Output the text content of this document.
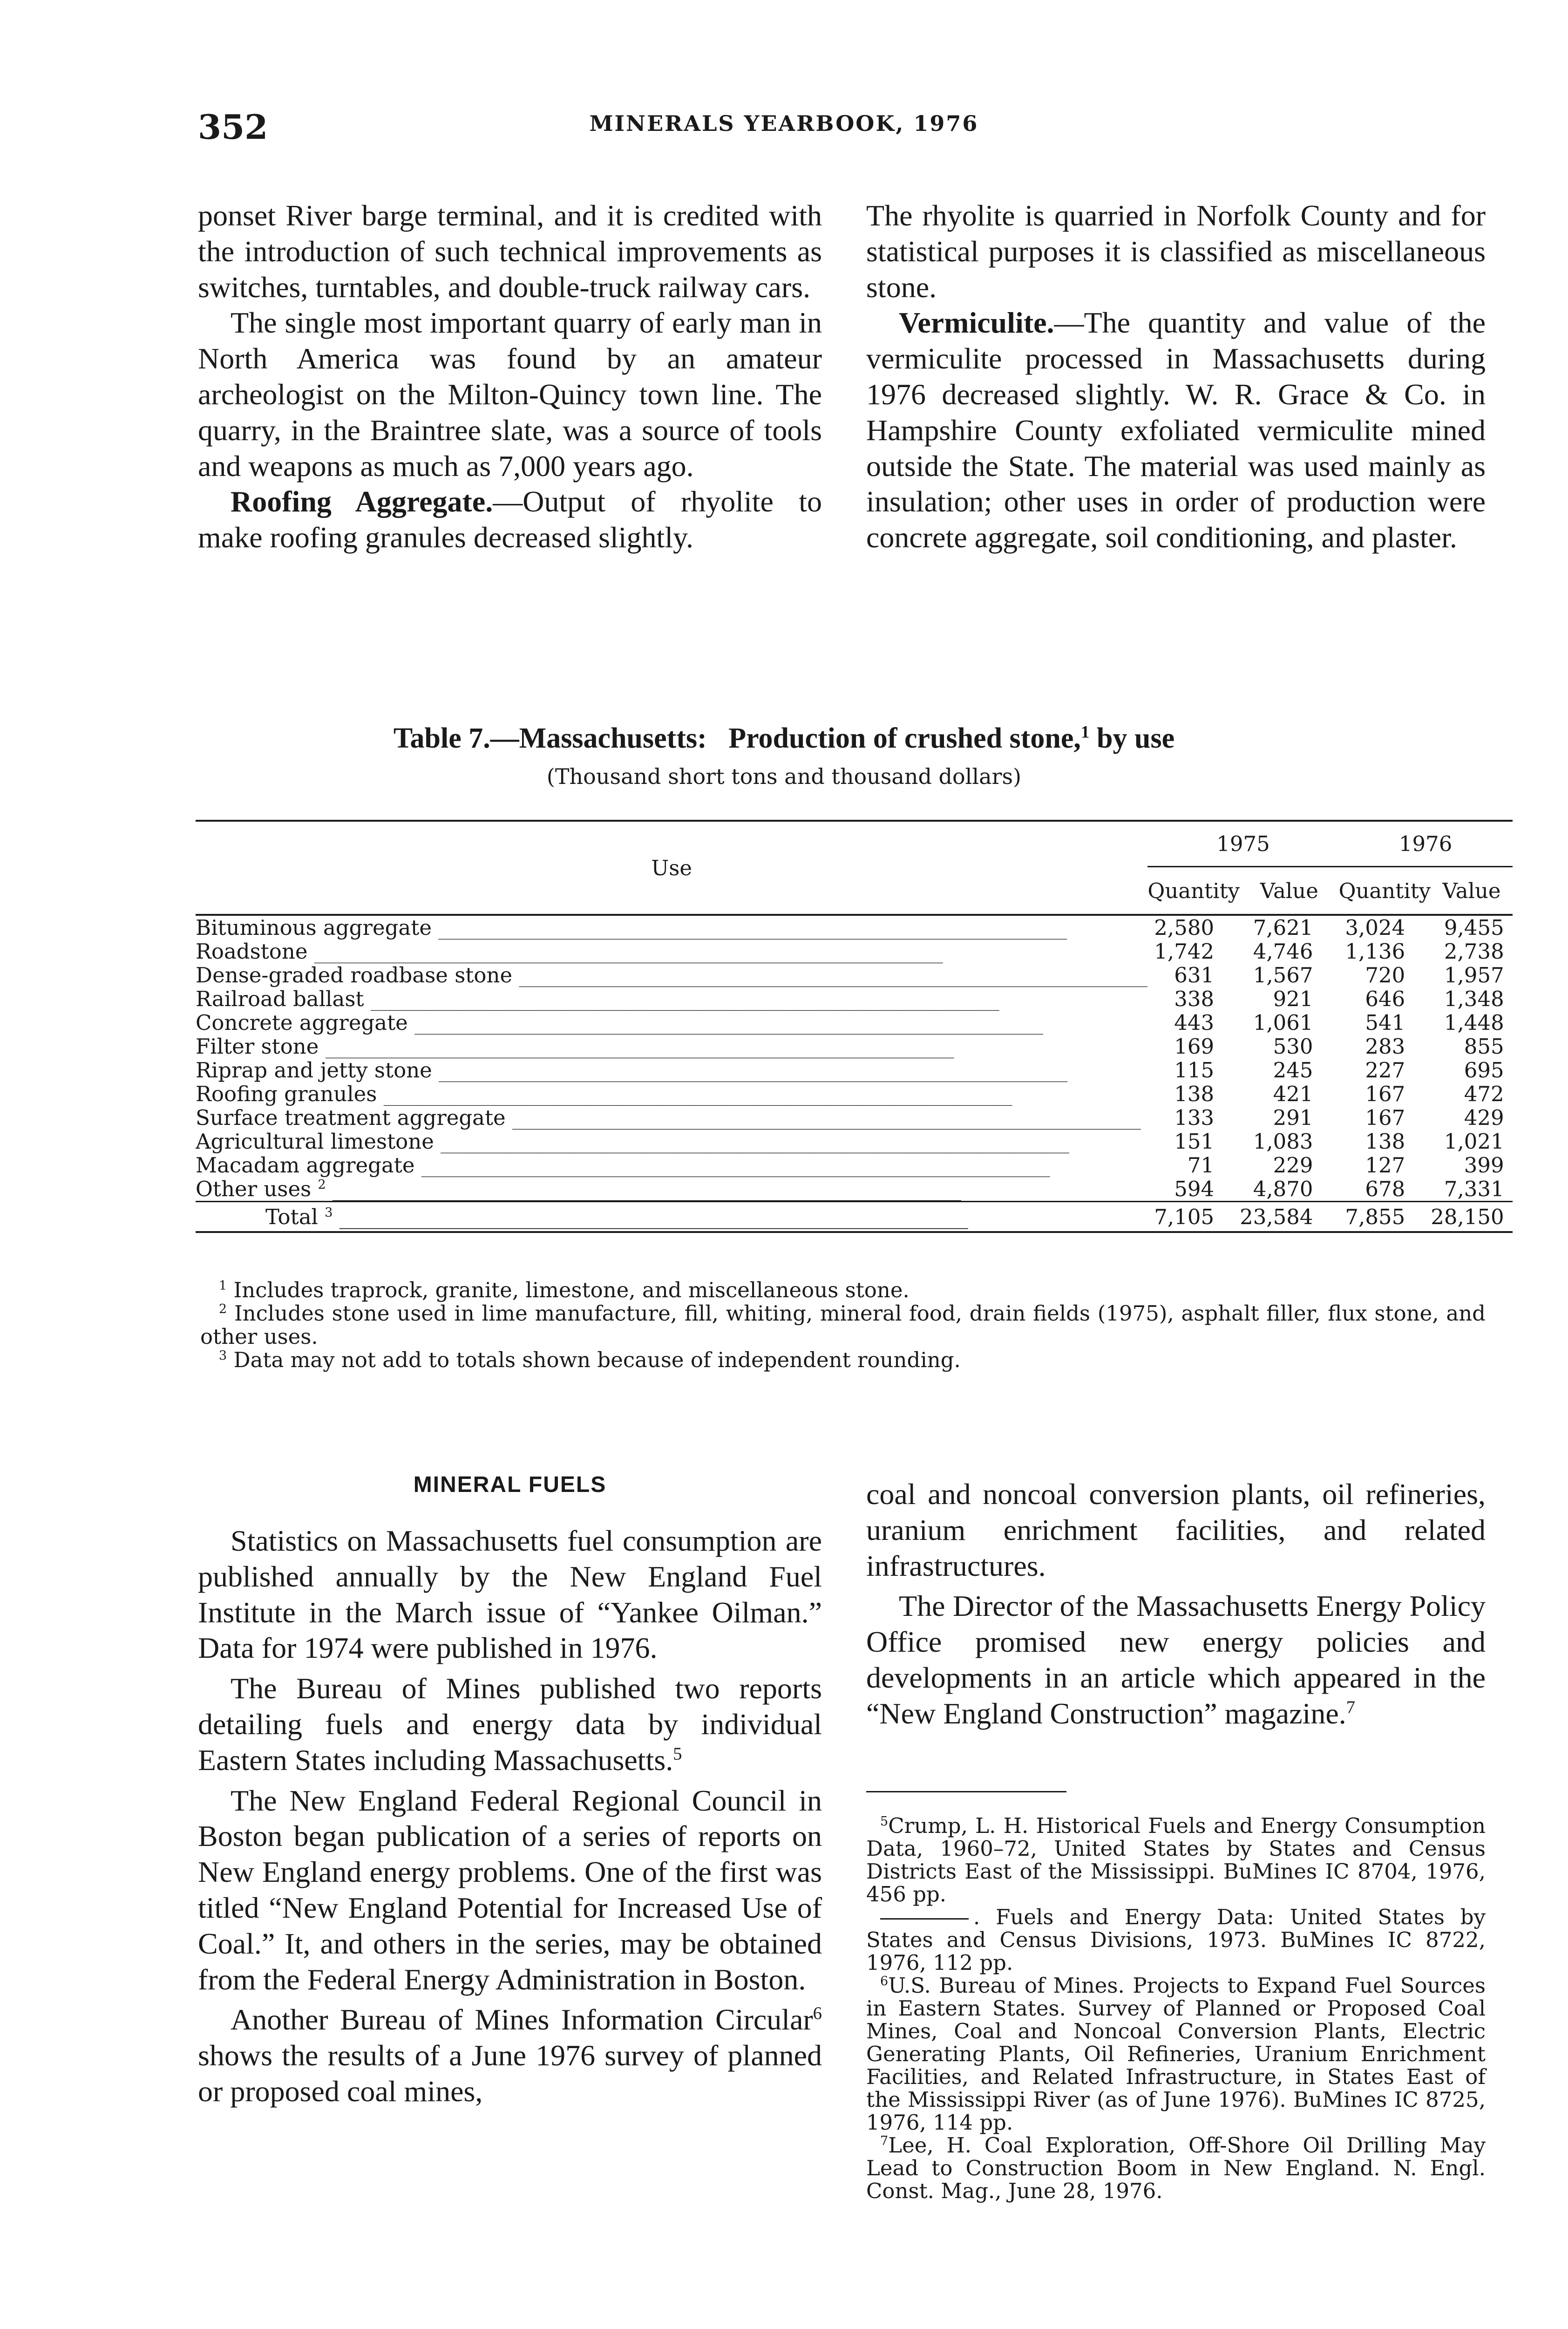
352	MINERALS YEARBOOK, 1976

ponset River barge terminal, and it is credited with the introduction of such technical improvements as switches, turntables, and double-truck railway cars.

The single most important quarry of early man in North America was found by an amateur archeologist on the Milton-Quincy town line. The quarry, in the Braintree slate, was a source of tools and weapons as much as 7,000 years ago.

Roofing Aggregate.—Output of rhyolite to make roofing granules decreased slightly.

The rhyolite is quarried in Norfolk County and for statistical purposes it is classified as miscellaneous stone.

Vermiculite.—The quantity and value of the vermiculite processed in Massachusetts during 1976 decreased slightly. W. R. Grace & Co. in Hampshire County exfoliated vermiculite mined outside the State. The material was used mainly as insulation; other uses in order of production were concrete aggregate, soil conditioning, and plaster.

Table 7.—Massachusetts: Production of crushed stone,$^1$ by use
(Thousand short tons and thousand dollars)
Use	1975		1976	
	Quantity	Value	Quantity	Value
Bituminous aggregate ____________________________________________________________	2,580	7,621	3,024	9,455
Roadstone ____________________________________________________________	1,742	4,746	1,136	2,738
Dense-graded roadbase stone ____________________________________________________________	631	1,567	720	1,957
Railroad ballast ____________________________________________________________	338	921	646	1,348
Concrete aggregate ____________________________________________________________	443	1,061	541	1,448
Filter stone ____________________________________________________________	169	530	283	855
Riprap and jetty stone ____________________________________________________________	115	245	227	695
Roofing granules ____________________________________________________________	138	421	167	472
Surface treatment aggregate ____________________________________________________________	133	291	167	429
Agricultural limestone ____________________________________________________________	151	1,083	138	1,021
Macadam aggregate ____________________________________________________________	71	229	127	399
Other uses $^2$ ____________________________________________________________	594	4,870	678	7,331
Total $^3$ ____________________________________________________________	7,105	23,584	7,855	28,150

$^1$ Includes traprock, granite, limestone, and miscellaneous stone.

$^2$ Includes stone used in lime manufacture, fill, whiting, mineral food, drain fields (1975), asphalt filler, flux stone, and other uses.

$^3$ Data may not add to totals shown because of independent rounding.

MINERAL FUELS

Statistics on Massachusetts fuel consumption are published annually by the New England Fuel Institute in the March issue of “Yankee Oilman.” Data for 1974 were published in 1976.

The Bureau of Mines published two reports detailing fuels and energy data by individual Eastern States including Massachusetts.$^5$

The New England Federal Regional Council in Boston began publication of a series of reports on New England energy problems. One of the first was titled “New England Potential for Increased Use of Coal.” It, and others in the series, may be obtained from the Federal Energy Administration in Boston.

Another Bureau of Mines Information Circular$^6$ shows the results of a June 1976 survey of planned or proposed coal mines,

coal and noncoal conversion plants, oil refineries, uranium enrichment facilities, and related infrastructures.

The Director of the Massachusetts Energy Policy Office promised new energy policies and developments in an article which appeared in the “New England Construction” magazine.$^7$

$^5$Crump, L. H. Historical Fuels and Energy Consumption Data, 1960–72, United States by States and Census Districts East of the Mississippi. BuMines IC 8704, 1976, 456 pp.

. Fuels and Energy Data: United States by States and Census Divisions, 1973. BuMines IC 8722, 1976, 112 pp.

$^6$U.S. Bureau of Mines. Projects to Expand Fuel Sources in Eastern States. Survey of Planned or Proposed Coal Mines, Coal and Noncoal Conversion Plants, Electric Generating Plants, Oil Refineries, Uranium Enrichment Facilities, and Related Infrastructure, in States East of the Mississippi River (as of June 1976). BuMines IC 8725, 1976, 114 pp.

$^7$Lee, H. Coal Exploration, Off-Shore Oil Drilling May Lead to Construction Boom in New England. N. Engl. Const. Mag., June 28, 1976.
